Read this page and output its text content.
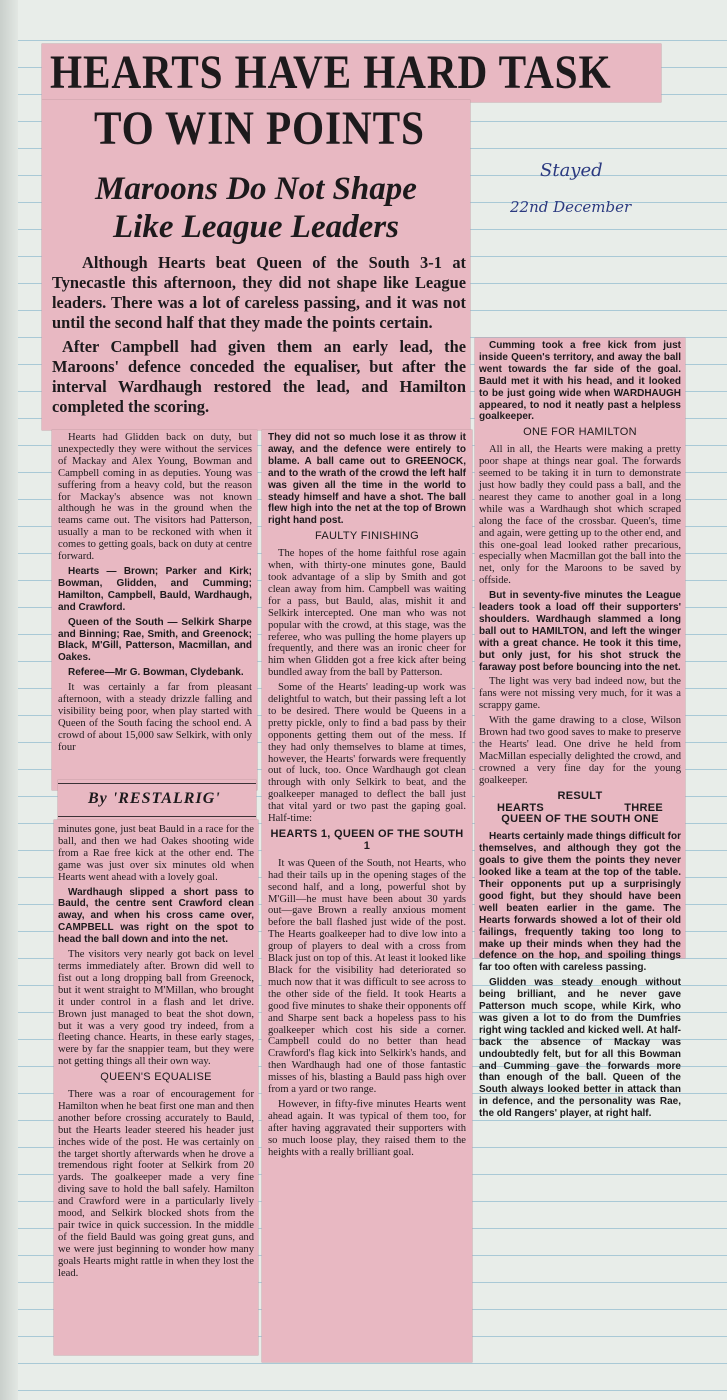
HEARTS HAVE HARD TASK
TO WIN POINTS
Maroons Do Not Shape
Like League Leaders
Although Hearts beat Queen of the South 3-1 at Tynecastle this afternoon, they did not shape like League leaders. There was a lot of careless passing, and it was not until the second half that they made the points certain.
After Campbell had given them an early lead, the Maroons' defence conceded the equaliser, but after the interval Wardhaugh restored the lead, and Hamilton completed the scoring.

Hearts had Glidden back on duty, but unexpectedly they were without the services of Mackay and Alex Young, Bowman and Campbell coming in as deputies. Young was suffering from a heavy cold, but the reason for Mackay's absence was not known although he was in the ground when the teams came out. The visitors had Patterson, usually a man to be reckoned with when it comes to getting goals, back on duty at centre forward.

Hearts — Brown; Parker and Kirk; Bowman, Glidden, and Cumming; Hamilton, Campbell, Bauld, Wardhaugh, and Crawford.

Queen of the South — Selkirk Sharpe and Binning; Rae, Smith, and Greenock; Black, M'Gill, Patterson, Macmillan, and Oakes.

Referee—Mr G. Bowman, Clydebank.

It was certainly a far from pleasant afternoon, with a steady drizzle falling and visibility being poor, when play started with Queen of the South facing the school end. A crowd of about 15,000 saw Selkirk, with only four

By 'RESTALRIG'

minutes gone, just beat Bauld in a race for the ball, and then we had Oakes shooting wide from a Rae free kick at the other end. The game was just over six minutes old when Hearts went ahead with a lovely goal.

Wardhaugh slipped a short pass to Bauld, the centre sent Crawford clean away, and when his cross came over, CAMPBELL was right on the spot to head the ball down and into the net.

The visitors very nearly got back on level terms immediately after. Brown did well to fist out a long dropping ball from Greenock, but it went straight to M'Millan, who brought it under control in a flash and let drive. Brown just managed to beat the shot down, but it was a very good try indeed, from a fleeting chance. Hearts, in these early stages, were by far the snappier team, but they were not getting things all their own way.

QUEEN'S EQUALISE

There was a roar of encouragement for Hamilton when he beat first one man and then another before crossing accurately to Bauld, but the Hearts leader steered his header just inches wide of the post. He was certainly on the target shortly afterwards when he drove a tremendous right footer at Selkirk from 20 yards. The goalkeeper made a very fine diving save to hold the ball safely. Hamilton and Crawford were in a particularly lively mood, and Selkirk blocked shots from the pair twice in quick succession. In the middle of the field Bauld was going great guns, and we were just beginning to wonder how many goals Hearts might rattle in when they lost the lead.

They did not so much lose it as throw it away, and the defence were entirely to blame. A ball came out to GREENOCK, and to the wrath of the crowd the left half was given all the time in the world to steady himself and have a shot. The ball flew high into the net at the top of Brown right hand post.

FAULTY FINISHING

The hopes of the home faithful rose again when, with thirty-one minutes gone, Bauld took advantage of a slip by Smith and got clean away from him. Campbell was waiting for a pass, but Bauld, alas, mishit it and Selkirk intercepted. One man who was not popular with the crowd, at this stage, was the referee, who was pulling the home players up frequently, and there was an ironic cheer for him when Glidden got a free kick after being bundled away from the ball by Patterson.

Some of the Hearts' leading-up work was delightful to watch, but their passing left a lot to be desired. There would be Queens in a pretty pickle, only to find a bad pass by their opponents getting them out of the mess. If they had only themselves to blame at times, however, the Hearts' forwards were frequently out of luck, too. Once Wardhaugh got clean through with only Selkirk to beat, and the goalkeeper managed to deflect the ball just that vital yard or two past the gaping goal. Half-time:

HEARTS 1, QUEEN OF THE SOUTH 1

It was Queen of the South, not Hearts, who had their tails up in the opening stages of the second half, and a long, powerful shot by M'Gill—he must have been about 30 yards out—gave Brown a really anxious moment before the ball flashed just wide of the post. The Hearts goalkeeper had to dive low into a group of players to deal with a cross from Black just on top of this. At least it looked like Black for the visibility had deteriorated so much now that it was difficult to see across to the other side of the field. It took Hearts a good five minutes to shake their opponents off and Sharpe sent back a hopeless pass to his goalkeeper which cost his side a corner. Campbell could do no better than head Crawford's flag kick into Selkirk's hands, and then Wardhaugh had one of those fantastic misses of his, blasting a Bauld pass high over from a yard or two range.

However, in fifty-five minutes Hearts went ahead again. It was typical of them too, for after having aggravated their supporters with so much loose play, they raised them to the heights with a really brilliant goal.

Cumming took a free kick from just inside Queen's territory, and away the ball went towards the far side of the goal. Bauld met it with his head, and it looked to be just going wide when WARDHAUGH appeared, to nod it neatly past a helpless goalkeeper.

ONE FOR HAMILTON

All in all, the Hearts were making a pretty poor shape at things near goal. The forwards seemed to be taking it in turn to demonstrate just how badly they could pass a ball, and the nearest they came to another goal in a long while was a Wardhaugh shot which scraped along the face of the crossbar. Queen's, time and again, were getting up to the other end, and this one-goal lead looked rather precarious, especially when Macmillan got the ball into the net, only for the Maroons to be saved by offside.

But in seventy-five minutes the League leaders took a load off their supporters' shoulders. Wardhaugh slammed a long ball out to HAMILTON, and left the winger with a great chance. He took it this time, but only just, for his shot struck the faraway post before bouncing into the net.

The light was very bad indeed now, but the fans were not missing very much, for it was a scrappy game.

With the game drawing to a close, Wilson Brown had two good saves to make to preserve the Hearts' lead. One drive he held from MacMillan especially delighted the crowd, and crowned a very fine day for the young goalkeeper.

RESULT
HEARTS	THREE
QUEEN OF THE SOUTH ONE

Hearts certainly made things difficult for themselves, and although they got the goals to give them the points they never looked like a team at the top of the table. Their opponents put up a surprisingly good fight, but they should have been well beaten earlier in the game. The Hearts forwards showed a lot of their old failings, frequently taking too long to make up their minds when they had the defence on the hop, and spoiling things far too often with careless passing.

Glidden was steady enough without being brilliant, and he never gave Patterson much scope, while Kirk, who was given a lot to do from the Dumfries right wing tackled and kicked well. At half-back the absence of Mackay was undoubtedly felt, but for all this Bowman and Cumming gave the forwards more than enough of the ball. Queen of the South always looked better in attack than in defence, and the personality was Rae, the old Rangers' player, at right half.

Stayed
22nd December
